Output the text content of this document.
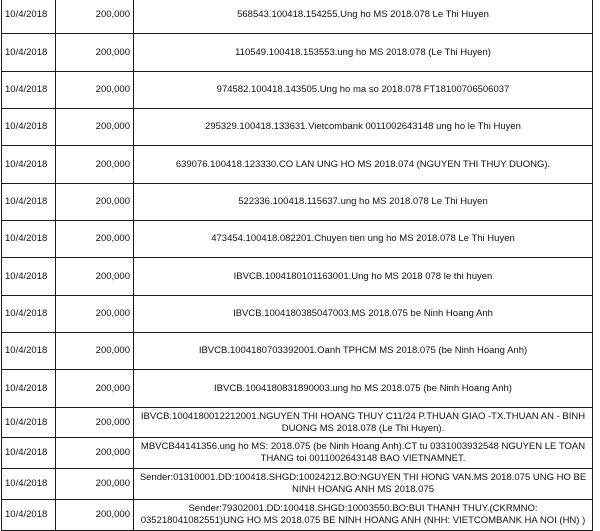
10/4/2018	200,000	568543.100418.154255.Ung ho MS 2018.078 Le Thi Huyen
10/4/2018	200,000	110549.100418.153553.ung ho MS 2018.078 (Le Thi Huyen)
10/4/2018	200,000	974582.100418.143505.Ung ho ma so 2018.078 FT18100706506037
10/4/2018	200,000	295329.100418.133631.Vietcombank 0011002643148 ung ho le Thi Huyen
10/4/2018	200,000	639076.100418.123330.CO LAN UNG HO MS 2018.074 (NGUYEN THI THUY DUONG).
10/4/2018	200,000	522336.100418.115637.ung ho MS 2018.078 Le Thi Huyen
10/4/2018	200,000	473454.100418.082201.Chuyen tien ung ho MS 2018.078 Le Thi Huyen
10/4/2018	200,000	IBVCB.1004180101163001.Ung ho MS 2018 078 le thi huyen
10/4/2018	200,000	IBVCB.1004180385047003.MS 2018.075 be Ninh Hoang Anh
10/4/2018	200,000	IBVCB.1004180703392001.Oanh TPHCM MS 2018.075 (be Ninh Hoang Anh)
10/4/2018	200,000	IBVCB.1004180831890003.ung ho MS 2018.075 (be Ninh Hoang Anh)
10/4/2018	200,000	IBVCB.1004180012212001.NGUYEN THI HOANG THUY C11/24 P.THUAN GIAO -TX.THUAN AN - BINH DUONG MS 2018.078 (Le Thi Huyen).
10/4/2018	200,000	MBVCB44141356.ung ho MS: 2018.075 (be Ninh Hoang Anh).CT tu 0331003932548 NGUYEN LE TOAN THANG toi 0011002643148 BAO VIETNAMNET.
10/4/2018	200,000	Sender:01310001.DD:100418.SHGD:10024212.BO:NGUYEN THI HONG VAN.MS 2018.075 UNG HO BE NINH HOANG ANH MS 2018.075
10/4/2018	200,000	Sender:79302001.DD:100418.SHGD:10003550.BO:BUI THANH THUY.(CKRMNO: 035218041082551)UNG HO MS 2018.075 BE NINH HOANG ANH (NHH: VIETCOMBANK HA NOI (HN) )
